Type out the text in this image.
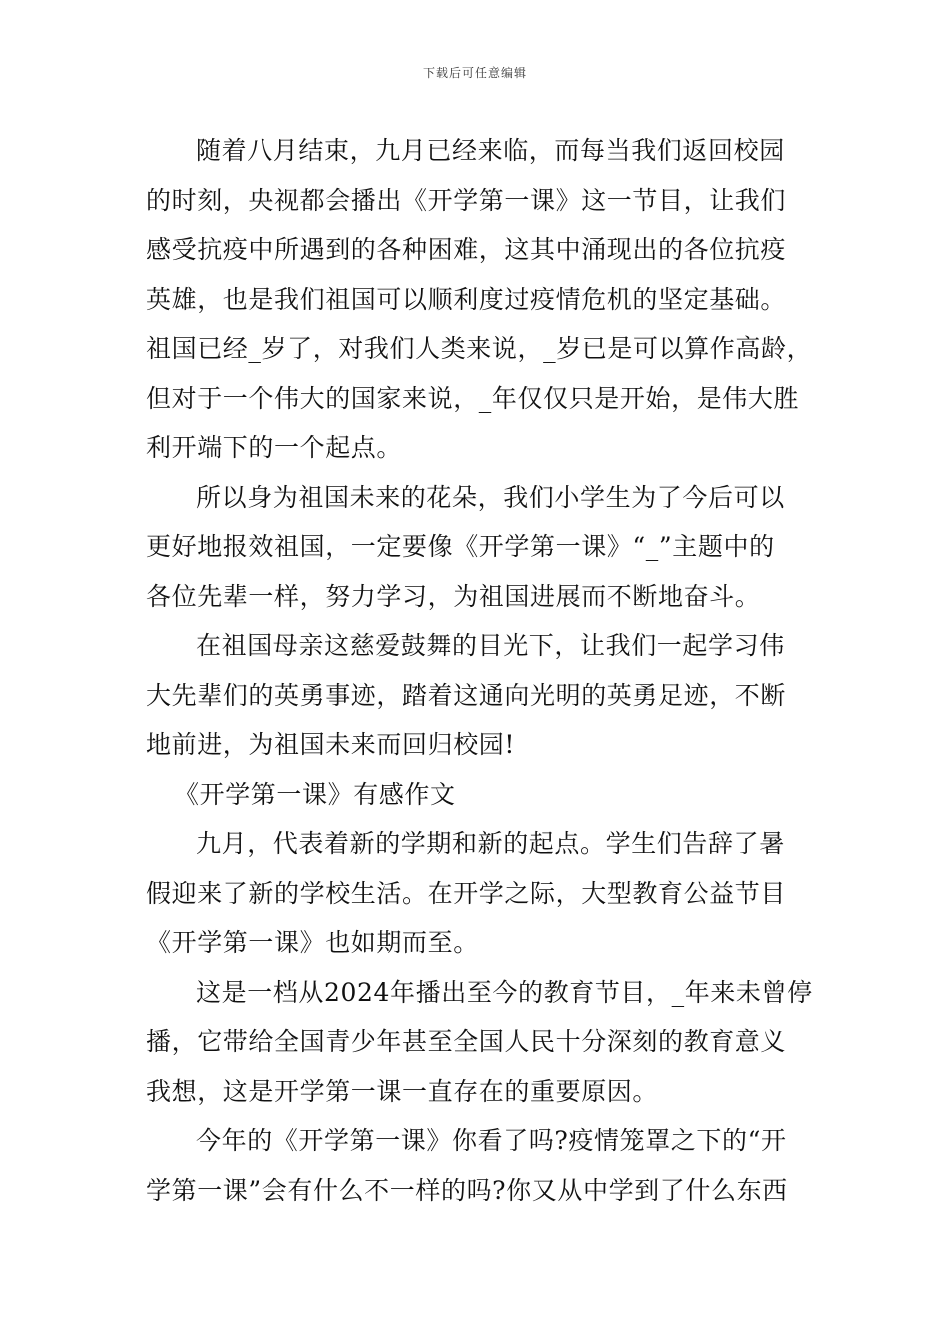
下载后可任意编辑
随着八月结束，九月已经来临，而每当我们返回校园
的时刻，央视都会播出《开学第一课》这一节目，让我们
感受抗疫中所遇到的各种困难，这其中涌现出的各位抗疫
英雄，也是我们祖国可以顺利度过疫情危机的坚定基础。
祖国已经_岁了，对我们人类来说，_岁已是可以算作高龄，
但对于一个伟大的国家来说，_年仅仅只是开始，是伟大胜
利开端下的一个起点。
所以身为祖国未来的花朵，我们小学生为了今后可以
更好地报效祖国，一定要像《开学第一课》“_”主题中的
各位先辈一样，努力学习，为祖国进展而不断地奋斗。
在祖国母亲这慈爱鼓舞的目光下，让我们一起学习伟
大先辈们的英勇事迹，踏着这通向光明的英勇足迹，不断
地前进，为祖国未来而回归校园!
《开学第一课》有感作文
九月，代表着新的学期和新的起点。学生们告辞了暑
假迎来了新的学校生活。在开学之际，大型教育公益节目
《开学第一课》也如期而至。
这是一档从2024年播出至今的教育节目，_年来未曾停
播，它带给全国青少年甚至全国人民十分深刻的教育意义
我想，这是开学第一课一直存在的重要原因。
今年的《开学第一课》你看了吗?疫情笼罩之下的“开
学第一课”会有什么不一样的吗?你又从中学到了什么东西
